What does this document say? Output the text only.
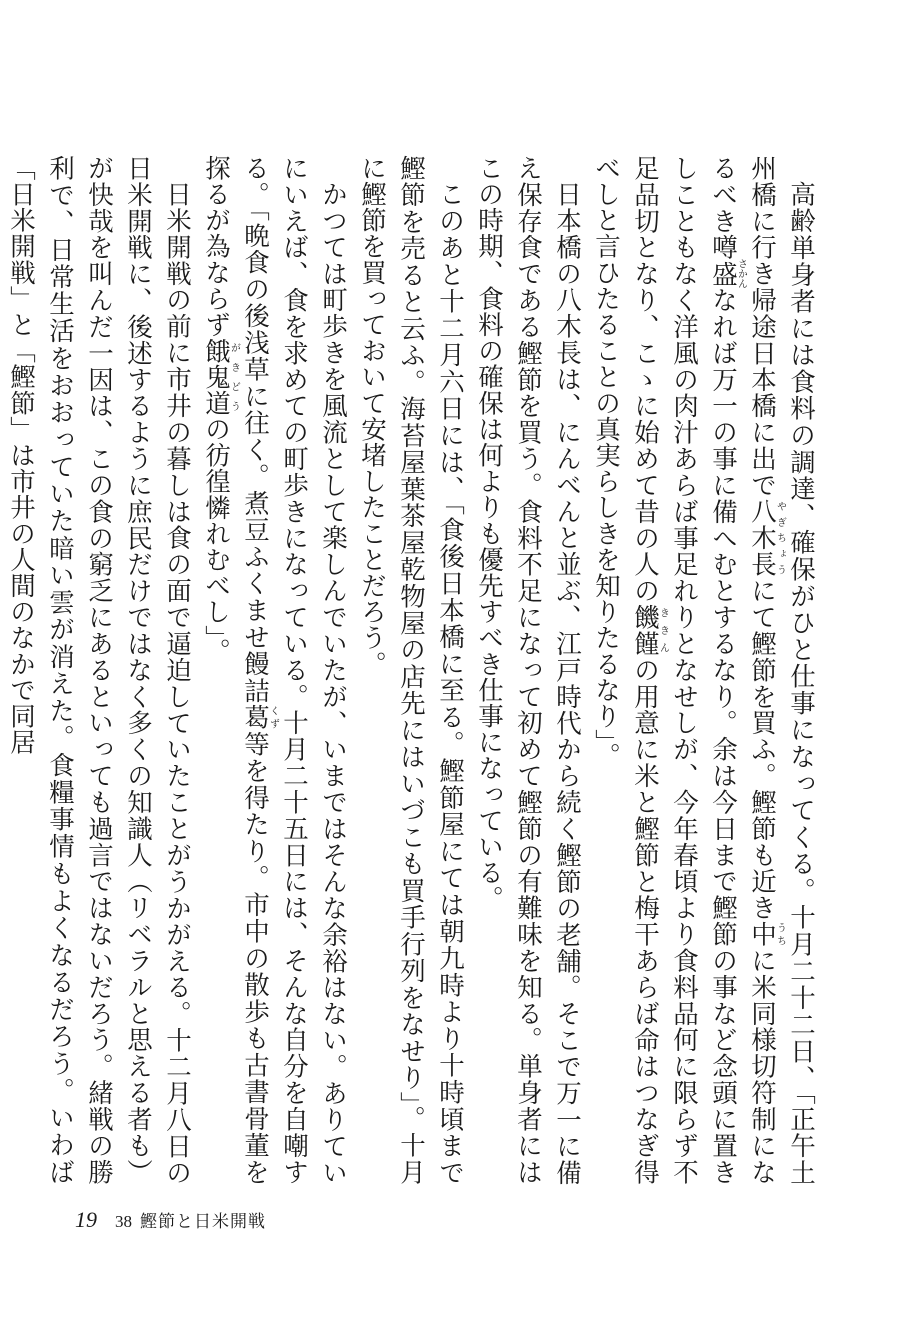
高齢単身者には食料の調達、確保がひと仕事になってくる。十月二十二日、「正午土州橋に行き帰途日本橋に出で八木長やぎちょうにて鰹節を買ふ。鰹節も近き中うちに米同様切符制になるべき噂盛さかんなれば万一の事に備へむとするなり。余は今日まで鰹節の事など念頭に置きしこともなく洋風の肉汁あらば事足れりとなせしが、今年春頃より食料品何に限らず不足品切となり、こゝに始めて昔の人の饑饉ききんの用意に米と鰹節と梅干あらば命はつなぎ得べしと言ひたることの真実らしきを知りたるなり」。

日本橋の八木長は、にんべんと並ぶ、江戸時代から続く鰹節の老舗。そこで万一に備え保存食である鰹節を買う。食料不足になって初めて鰹節の有難味を知る。単身者にはこの時期、食料の確保は何よりも優先すべき仕事になっている。

このあと十二月六日には、「食後日本橋に至る。鰹節屋にては朝九時より十時頃まで鰹節を売ると云ふ。海苔屋葉茶屋乾物屋の店先にはいづこも買手行列をなせり」。十月に鰹節を買っておいて安堵したことだろう。

かつては町歩きを風流として楽しんでいたが、いまではそんな余裕はない。ありていにいえば、食を求めての町歩きになっている。十月二十五日には、そんな自分を自嘲する。「晩食の後浅草に往く。煮豆ふくませ饅詰葛くず等を得たり。市中の散歩も古書骨董を探るが為ならず餓鬼道がきどうの彷徨憐れむべし」。

日米開戦の前に市井の暮しは食の面で逼迫していたことがうかがえる。十二月八日の日米開戦に、後述するように庶民だけではなく多くの知識人（リベラルと思える者も）が快哉を叫んだ一因は、この食の窮乏にあるといっても過言ではないだろう。緒戦の勝利で、日常生活をおおっていた暗い雲が消えた。食糧事情もよくなるだろう。いわば「日米開戦」と「鰹節」は市井の人間のなかで同居

19 38 鰹節と日米開戦
